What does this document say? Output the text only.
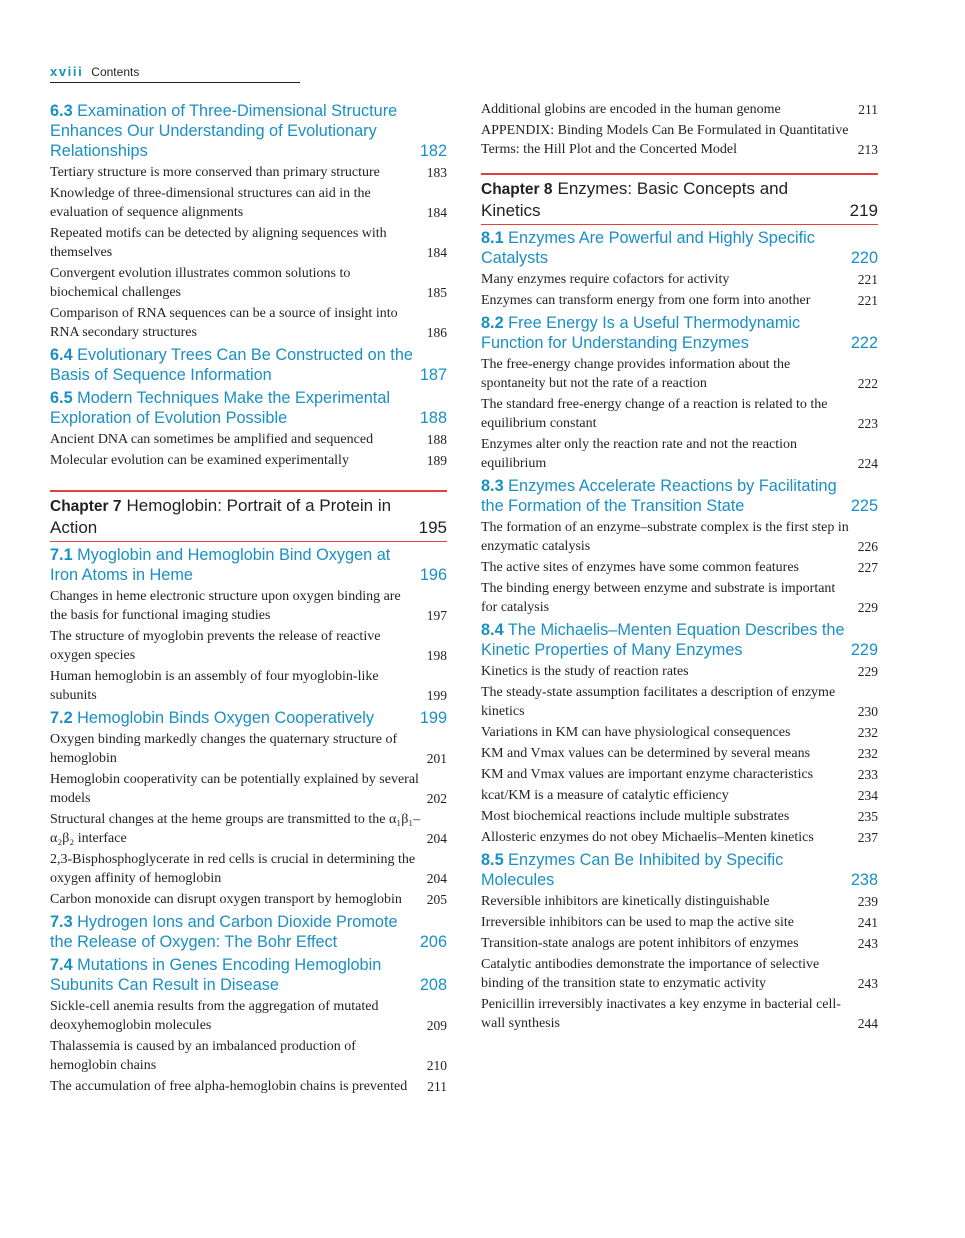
xviii Contents
6.3 Examination of Three-Dimensional Structure Enhances Our Understanding of Evolutionary Relationships	182
Tertiary structure is more conserved than primary structure	183
Knowledge of three-dimensional structures can aid in the evaluation of sequence alignments	184
Repeated motifs can be detected by aligning sequences with themselves	184
Convergent evolution illustrates common solutions to biochemical challenges	185
Comparison of RNA sequences can be a source of insight into RNA secondary structures	186
6.4 Evolutionary Trees Can Be Constructed on the Basis of Sequence Information	187
6.5 Modern Techniques Make the Experimental Exploration of Evolution Possible	188
Ancient DNA can sometimes be amplified and sequenced	188
Molecular evolution can be examined experimentally	189
Chapter 7 Hemoglobin: Portrait of a Protein in Action	195
7.1 Myoglobin and Hemoglobin Bind Oxygen at Iron Atoms in Heme	196
Changes in heme electronic structure upon oxygen binding are the basis for functional imaging studies	197
The structure of myoglobin prevents the release of reactive oxygen species	198
Human hemoglobin is an assembly of four myoglobin-like subunits	199
7.2 Hemoglobin Binds Oxygen Cooperatively	199
Oxygen binding markedly changes the quaternary structure of hemoglobin	201
Hemoglobin cooperativity can be potentially explained by several models	202
Structural changes at the heme groups are transmitted to the α₁β₁– α₂β₂ interface	204
2,3-Bisphosphoglycerate in red cells is crucial in determining the oxygen affinity of hemoglobin	204
Carbon monoxide can disrupt oxygen transport by hemoglobin	205
7.3 Hydrogen Ions and Carbon Dioxide Promote the Release of Oxygen: The Bohr Effect	206
7.4 Mutations in Genes Encoding Hemoglobin Subunits Can Result in Disease	208
Sickle-cell anemia results from the aggregation of mutated deoxyhemoglobin molecules	209
Thalassemia is caused by an imbalanced production of hemoglobin chains	210
The accumulation of free alpha-hemoglobin chains is prevented	211
Additional globins are encoded in the human genome	211
APPENDIX: Binding Models Can Be Formulated in Quantitative Terms: the Hill Plot and the Concerted Model	213
Chapter 8 Enzymes: Basic Concepts and Kinetics	219
8.1 Enzymes Are Powerful and Highly Specific Catalysts	220
Many enzymes require cofactors for activity	221
Enzymes can transform energy from one form into another	221
8.2 Free Energy Is a Useful Thermodynamic Function for Understanding Enzymes	222
The free-energy change provides information about the spontaneity but not the rate of a reaction	222
The standard free-energy change of a reaction is related to the equilibrium constant	223
Enzymes alter only the reaction rate and not the reaction equilibrium	224
8.3 Enzymes Accelerate Reactions by Facilitating the Formation of the Transition State	225
The formation of an enzyme–substrate complex is the first step in enzymatic catalysis	226
The active sites of enzymes have some common features	227
The binding energy between enzyme and substrate is important for catalysis	229
8.4 The Michaelis–Menten Equation Describes the Kinetic Properties of Many Enzymes	229
Kinetics is the study of reaction rates	229
The steady-state assumption facilitates a description of enzyme kinetics	230
Variations in KM can have physiological consequences	232
KM and Vmax values can be determined by several means	232
KM and Vmax values are important enzyme characteristics	233
kcat/KM is a measure of catalytic efficiency	234
Most biochemical reactions include multiple substrates	235
Allosteric enzymes do not obey Michaelis–Menten kinetics	237
8.5 Enzymes Can Be Inhibited by Specific Molecules	238
Reversible inhibitors are kinetically distinguishable	239
Irreversible inhibitors can be used to map the active site	241
Transition-state analogs are potent inhibitors of enzymes	243
Catalytic antibodies demonstrate the importance of selective binding of the transition state to enzymatic activity	243
Penicillin irreversibly inactivates a key enzyme in bacterial cell-wall synthesis	244
